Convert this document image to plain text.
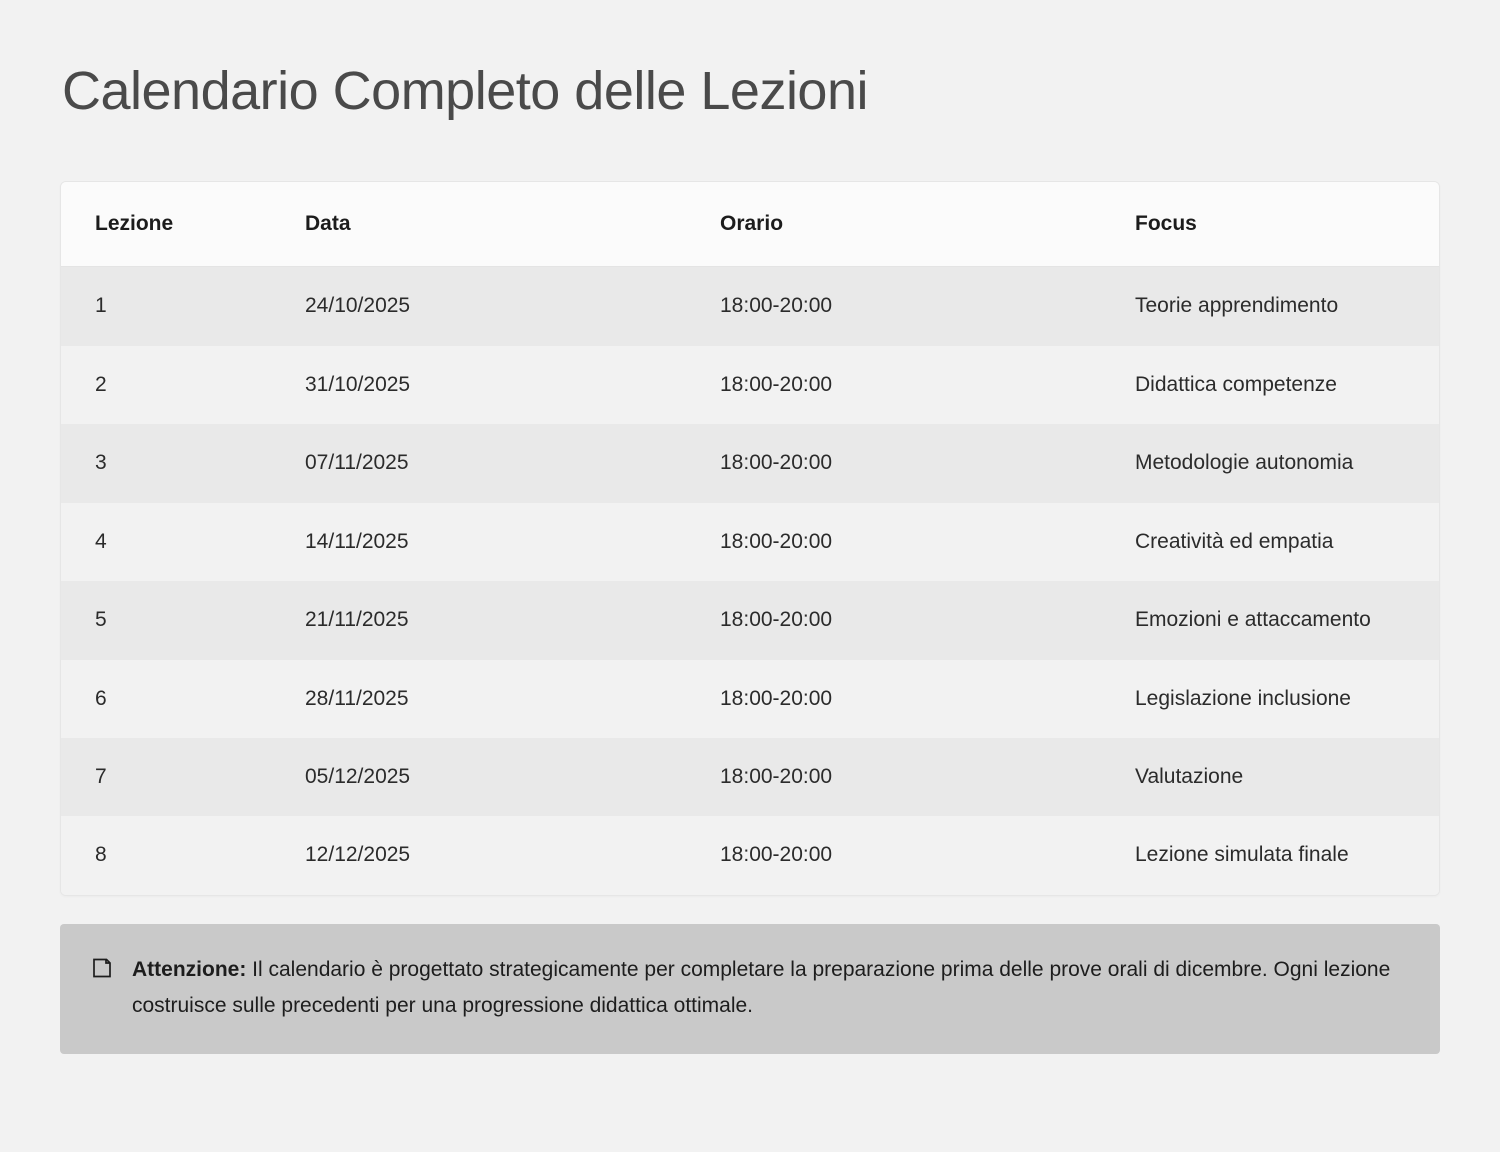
Calendario Completo delle Lezioni
Lezione	Data	Orario	Focus
1	24/10/2025	18:00-20:00	Teorie apprendimento

2	31/10/2025	18:00-20:00	Didattica competenze

3	07/11/2025	18:00-20:00	Metodologie autonomia

4	14/11/2025	18:00-20:00	Creatività ed empatia

5	21/11/2025	18:00-20:00	Emozioni e attaccamento

6	28/11/2025	18:00-20:00	Legislazione inclusione

7	05/12/2025	18:00-20:00	Valutazione

8	12/12/2025	18:00-20:00	Lezione simulata finale
Attenzione: Il calendario è progettato strategicamente per completare la preparazione prima delle prove orali di dicembre. Ogni lezione costruisce sulle precedenti per una progressione didattica ottimale.
